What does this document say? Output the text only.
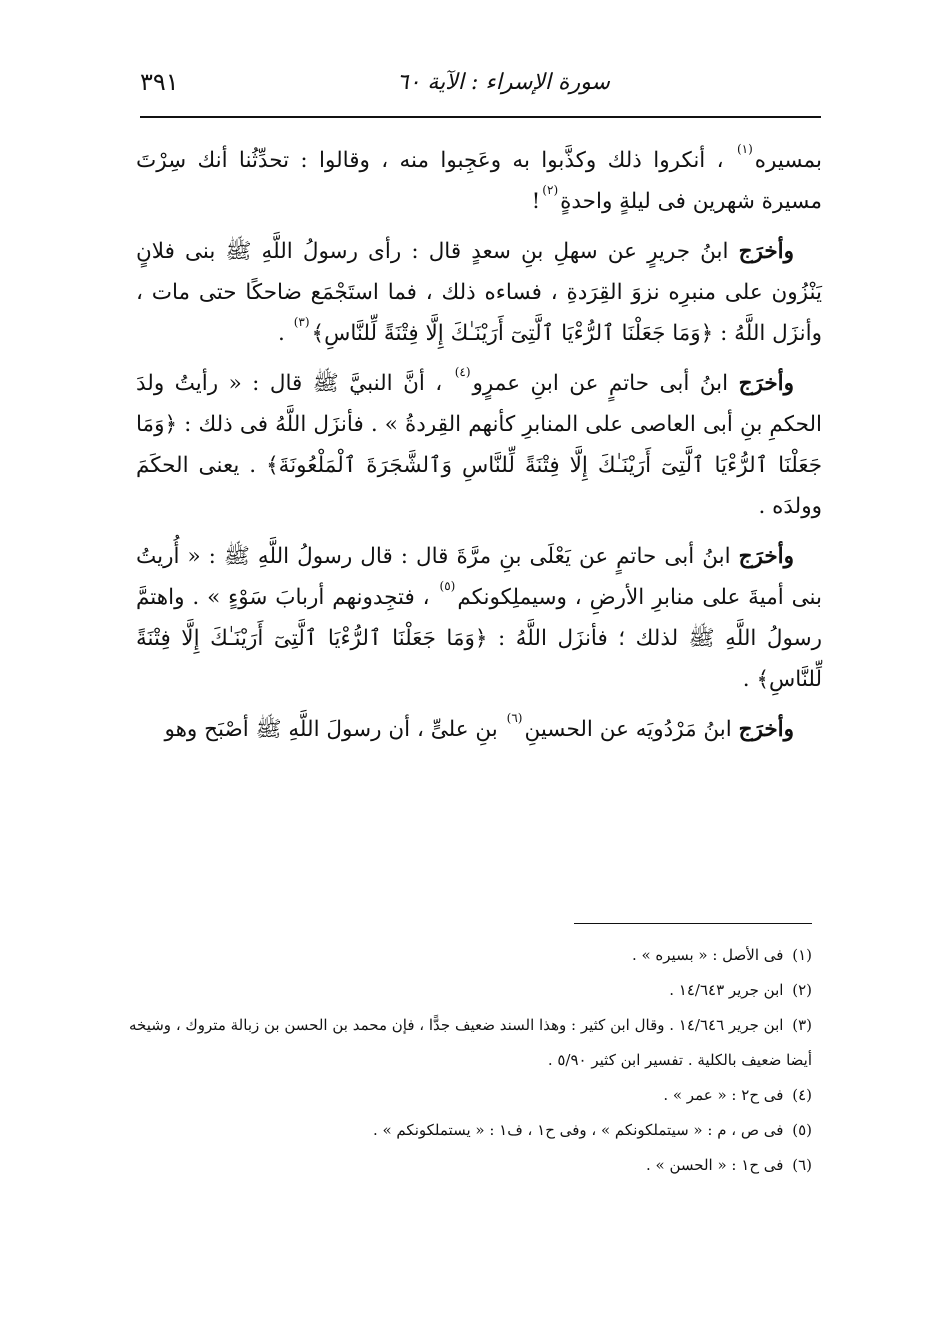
سورة الإسراء : الآية ٦٠
٣٩١

بمسيره$^{(١)}$ ، أنكروا ذلك وكذَّبوا به وعَجِبوا منه ، وقالوا : تحدِّثُنا أنك سِرْتَ مسيرة شهرين فى ليلةٍ واحدةٍ$^{(٢)}$!

وأخرَج ابنُ جريرٍ عن سهلِ بنِ سعدٍ قال : رأى رسولُ اللَّهِ ﷺ بنى فلانٍ يَنْزُون على منبرِه نزوَ القِرَدةِ ، فساءه ذلك ، فما استَجْمَع ضاحكًا حتى مات ، وأنزَل اللَّهُ : ﴿وَمَا جَعَلْنَا ٱلرُّءْيَا ٱلَّتِىٓ أَرَيْنَـٰكَ إِلَّا فِتْنَةً لِّلنَّاسِ﴾$^{(٣)}$ .

وأخرَج ابنُ أبى حاتمٍ عن ابنِ عمرٍو$^{(٤)}$ ، أنَّ النبيَّ ﷺ قال : « رأيتُ ولدَ الحكمِ بنِ أبى العاصى على المنابرِ كأنهم القِردةُ » . فأنزَل اللَّهُ فى ذلك : ﴿وَمَا جَعَلْنَا ٱلرُّءْيَا ٱلَّتِىٓ أَرَيْنَـٰكَ إِلَّا فِتْنَةً لِّلنَّاسِ وَٱلشَّجَرَةَ ٱلْمَلْعُونَةَ﴾ . يعنى الحكَمَ وولدَه .

وأخرَج ابنُ أبى حاتمٍ عن يَعْلَى بنِ مرَّةَ قال : قال رسولُ اللَّهِ ﷺ : « أُريتُ بنى أميةَ على منابرِ الأرضِ ، وسيملِكونكم$^{(٥)}$ ، فتجِدونهم أربابَ سَوْءٍ » . واهتمَّ رسولُ اللَّهِ ﷺ لذلك ؛ فأنزَل اللَّهُ : ﴿وَمَا جَعَلْنَا ٱلرُّءْيَا ٱلَّتِىٓ أَرَيْنَـٰكَ إِلَّا فِتْنَةً لِّلنَّاسِ﴾ .

وأخرَج ابنُ مَرْدُويَه عن الحسينِ$^{(٦)}$ بنِ علىٍّ ، أن رسولَ اللَّهِ ﷺ أصْبَح وهو

(١) فى الأصل : « بسيره » .

(٢) ابن جرير ١٤/٦٤٣ .

(٣) ابن جرير ١٤/٦٤٦ . وقال ابن كثير : وهذا السند ضعيف جدًّا ، فإن محمد بن الحسن بن زبالة متروك ، وشيخه أيضا ضعيف بالكلية . تفسير ابن كثير ٥/٩٠ .

(٤) فى ح٢ : « عمر » .

(٥) فى ص ، م : « سيتملكونكم » ، وفى ح١ ، ف١ : « يستملكونكم » .

(٦) فى ح١ : « الحسن » .
